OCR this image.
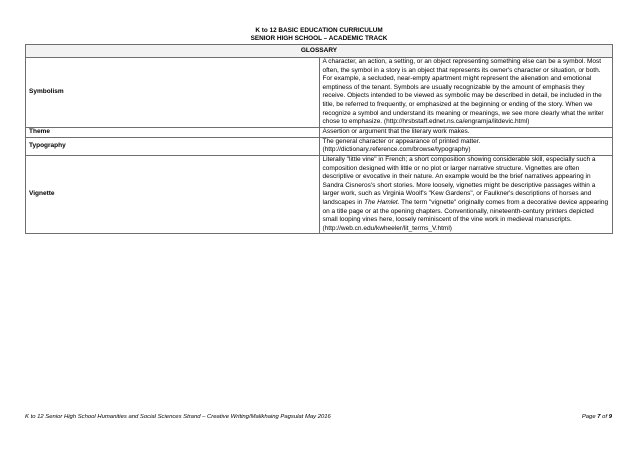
K to 12 BASIC EDUCATION CURRICULUM
SENIOR HIGH SCHOOL – ACADEMIC TRACK
GLOSSARY	
Symbolism	A character, an action, a setting, or an object representing something else can be a symbol. Most often, the symbol in a story is an object that represents its owner's character or situation, or both. For example, a secluded, near-empty apartment might represent the alienation and emotional emptiness of the tenant. Symbols are usually recognizable by the amount of emphasis they receive. Objects intended to be viewed as symbolic may be described in detail, be included in the title, be referred to frequently, or emphasized at the beginning or ending of the story. When we recognize a symbol and understand its meaning or meanings, we see more clearly what the writer chose to emphasize. (http://hrsbstaff.ednet.ns.ca/engramja/litdevic.html)
Theme	Assertion or argument that the literary work makes.
Typography	The general character or appearance of printed matter. (http://dictionary.reference.com/browse/typography)
Vignette	Literally "little vine" in French; a short composition showing considerable skill, especially such a composition designed with little or no plot or larger narrative structure. Vignettes are often descriptive or evocative in their nature. An example would be the brief narratives appearing in Sandra Cisneros's short stories. More loosely, vignettes might be descriptive passages within a larger work, such as Virginia Woolf's "Kew Gardens", or Faulkner's descriptions of horses and landscapes in The Hamlet. The term "vignette" originally comes from a decorative device appearing on a title page or at the opening chapters. Conventionally, nineteenth-century printers depicted small looping vines here, loosely reminiscent of the vine work in medieval manuscripts. (http://web.cn.edu/kwheeler/lit_terms_V.html)
K to 12 Senior High School Humanities and Social Sciences Strand – Creative Writing/Malikhaing Pagsulat May 2016	Page 7 of 9
